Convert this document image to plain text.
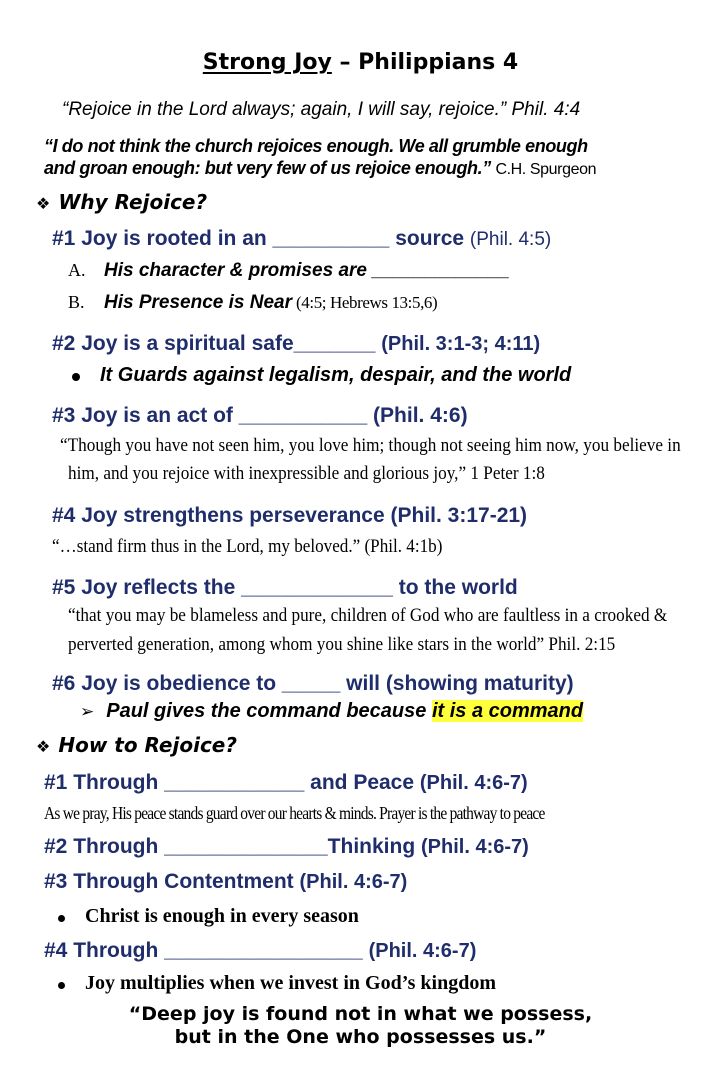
Strong Joy – Philippians 4
“Rejoice in the Lord always; again, I will say, rejoice.” Phil. 4:4
“I do not think the church rejoices enough. We all grumble enough
and groan enough: but very few of us rejoice enough.” C.H. Spurgeon
❖ Why Rejoice?
#1 Joy is rooted in an __________ source (Phil. 4:5)
A. His character & promises are _____________
B. His Presence is Near (4:5; Hebrews 13:5,6)
#2 Joy is a spiritual safe_______ (Phil. 3:1-3; 4:11)
It Guards against legalism, despair, and the world
#3 Joy is an act of ___________ (Phil. 4:6)
“Though you have not seen him, you love him; though not seeing him now, you believe in
him, and you rejoice with inexpressible and glorious joy,” 1 Peter 1:8
#4 Joy strengthens perseverance (Phil. 3:17-21)
“…stand firm thus in the Lord, my beloved.” (Phil. 4:1b)
#5 Joy reflects the _____________ to the world
“that you may be blameless and pure, children of God who are faultless in a crooked &
perverted generation, among whom you shine like stars in the world” Phil. 2:15
#6 Joy is obedience to _____ will (showing maturity)
➢ Paul gives the command because it is a command
❖ How to Rejoice?
#1 Through ____________ and Peace (Phil. 4:6-7)
As we pray, His peace stands guard over our hearts & minds. Prayer is the pathway to peace
#2 Through ______________Thinking (Phil. 4:6-7)
#3 Through Contentment (Phil. 4:6-7)
Christ is enough in every season
#4 Through _________________ (Phil. 4:6-7)
Joy multiplies when we invest in God’s kingdom
“Deep joy is found not in what we possess,
but in the One who possesses us.”
